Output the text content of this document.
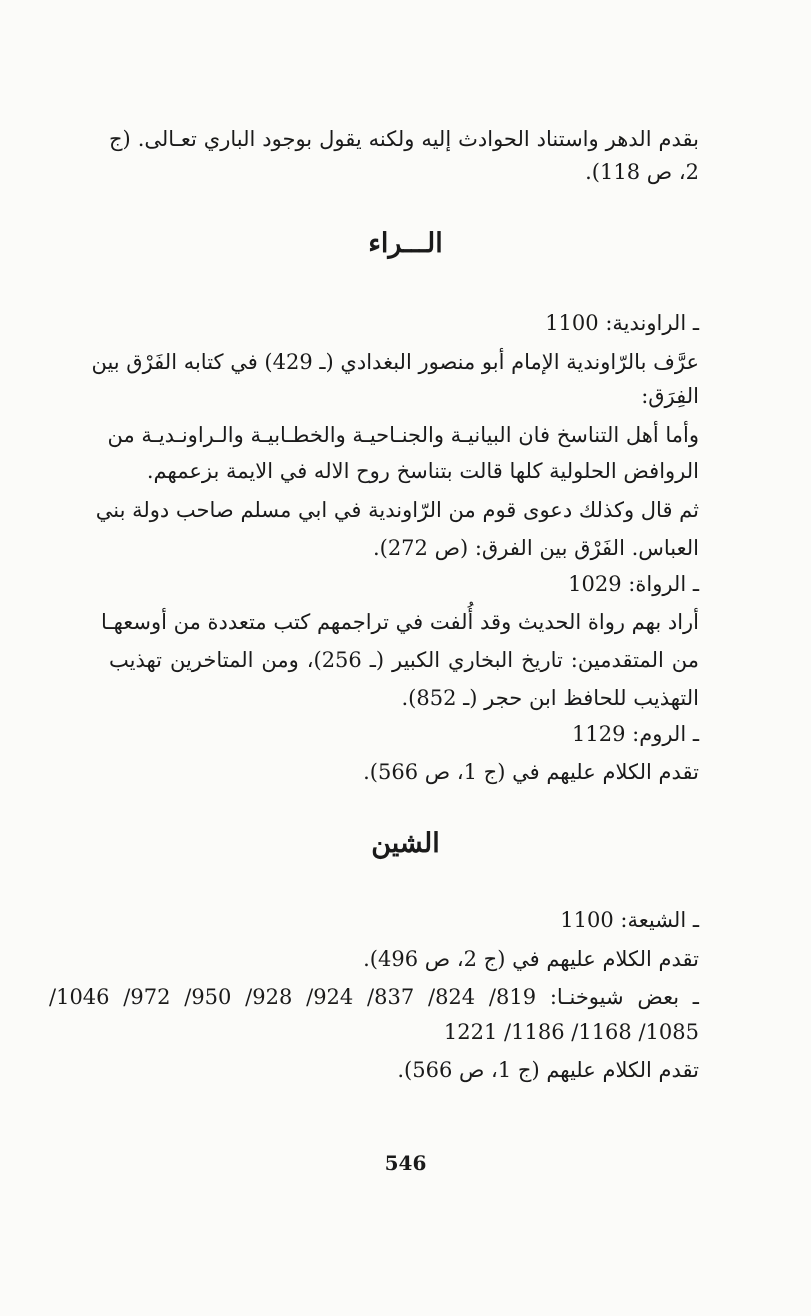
بقدم الدهر واستناد الحوادث إليه ولكنه يقول بوجود الباري تعـالى. (ج
2، ص 118).
الـــراء
ـ الراوندية: 1100
عرَّف بالرّاوندية الإمام أبو منصور البغدادي (ـ 429) في كتابه الفَرْق بين
الفِرَق:
وأما أهل التناسخ فان البيانيـة والجنـاحيـة والخطـابيـة والـراونـديـة من
الروافض الحلولية كلها قالت بتناسخ روح الاله في الايمة بزعمهم.
ثم قال وكذلك دعوى قوم من الرّاوندية في ابي مسلم صاحب دولة بني
العباس. الفَرْق بين الفرق: (ص 272).
ـ الرواة: 1029
أراد بهم رواة الحديث وقد أُلفت في تراجمهم كتب متعددة من أوسعهـا
من المتقدمين: تاريخ البخاري الكبير (ـ 256)، ومن المتاخرين تهذيب
التهذيب للحافظ ابن حجر (ـ 852).
ـ الروم: 1129
تقدم الكلام عليهم في (ج 1، ص 566).
الشين
ـ الشيعة: 1100
تقدم الكلام عليهم في (ج 2، ص 496).
ـ بعض شيوخنـا: 819/ 824/ 837/ 924/ 928/ 950/ 972/ 1046/
1085/ 1168/ 1186/ 1221
تقدم الكلام عليهم (ج 1، ص 566).
546
